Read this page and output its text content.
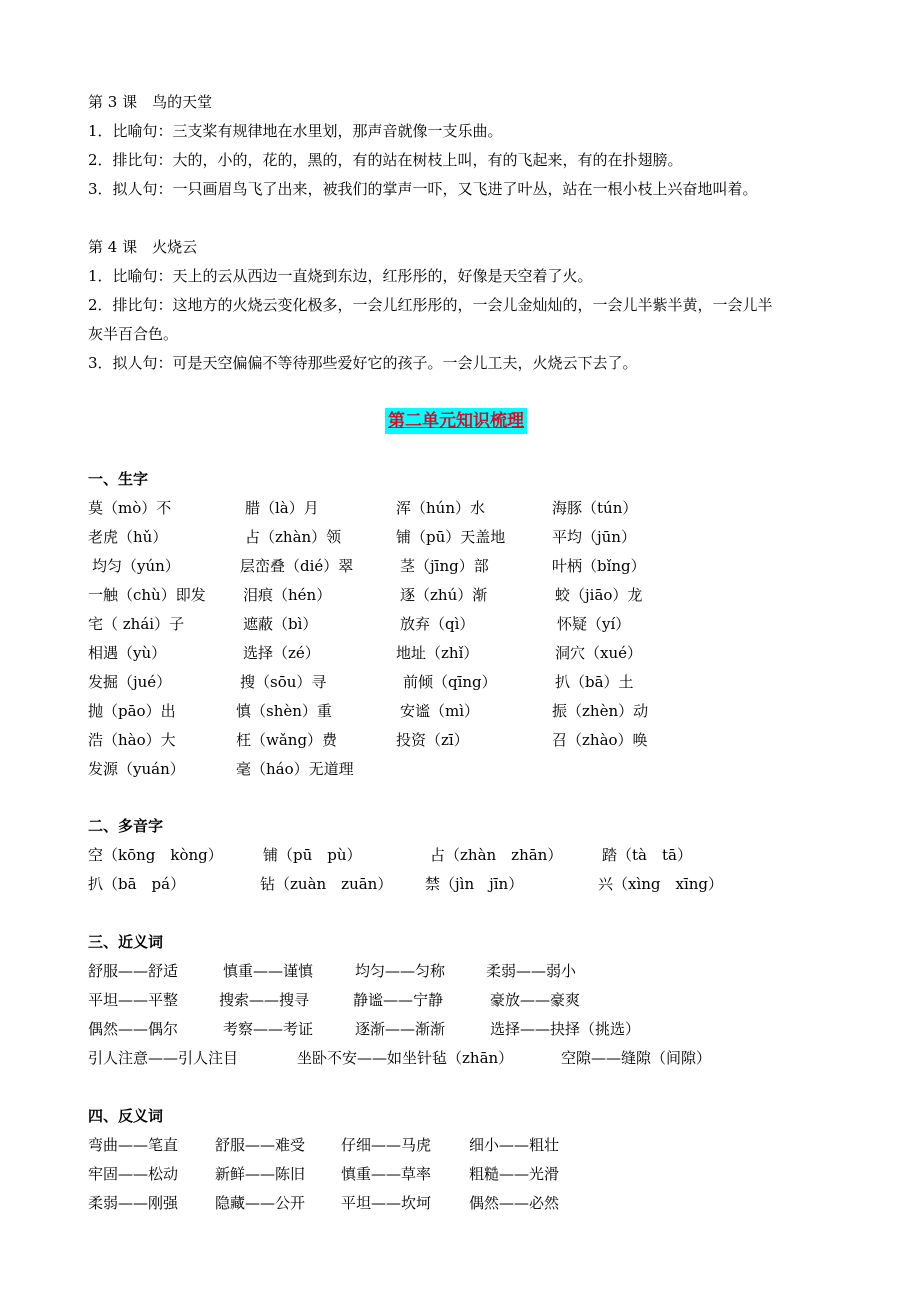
第 3 课　鸟的天堂
1．比喻句：三支桨有规律地在水里划，那声音就像一支乐曲。
2．排比句：大的，小的，花的，黑的，有的站在树枝上叫，有的飞起来，有的在扑翅膀。
3．拟人句：一只画眉鸟飞了出来，被我们的掌声一吓，又飞进了叶丛，站在一根小枝上兴奋地叫着。
第 4 课　火烧云
1．比喻句：天上的云从西边一直烧到东边，红彤彤的，好像是天空着了火。
2．排比句：这地方的火烧云变化极多，一会儿红彤彤的，一会儿金灿灿的，一会儿半紫半黄，一会儿半
灰半百合色。
3．拟人句：可是天空偏偏不等待那些爱好它的孩子。一会儿工夫，火烧云下去了。
第二单元知识梳理
一、生字
莫（mò）不	腊（là）月	浑（hún）水	海豚（tún）
老虎（hǔ）	占（zhàn）领	铺（pū）天盖地	平均（jūn）
均匀（yún）	层峦叠（dié）翠	茎（jīng）部	叶柄（bǐng）
一触（chù）即发 泪痕（hén）	逐（zhú）渐	蛟（jiāo）龙
宅（ zhái）子	遮蔽（bì）	放弃（qì）	怀疑（yí）
相遇（yù）	选择（zé）	地址（zhǐ）	洞穴（xué）
发掘（jué）	搜（sōu）寻	前倾（qīng）	扒（bā）土
抛（pāo）出	慎（shèn）重	安谧（mì）	振（zhèn）动
浩（hào）大	枉（wǎng）费	投资（zī）	召（zhào）唤
发源（yuán）	毫（háo）无道理
二、多音字
空（kōng　kòng）	铺（pū　pù）	占（zhàn　zhān）	踏（tà　tā）
扒（bā　pá）	钻（zuàn　zuān） 禁（jìn　jīn）	兴（xìng　xīng）
三、近义词
舒服——舒适	慎重——谨慎	均匀——匀称	柔弱——弱小
平坦——平整	搜索——搜寻	静谧——宁静	豪放——豪爽
偶然——偶尔	考察——考证	逐渐——渐渐	选择——抉择（挑选）
引人注意——引人注目	坐卧不安——如坐针毡（zhān）	空隙——缝隙（间隙）
四、反义词
弯曲——笔直 舒服——难受 仔细——马虎	细小——粗壮
牢固——松动 新鲜——陈旧 慎重——草率	粗糙——光滑
柔弱——刚强 隐藏——公开 平坦——坎坷	偶然——必然
